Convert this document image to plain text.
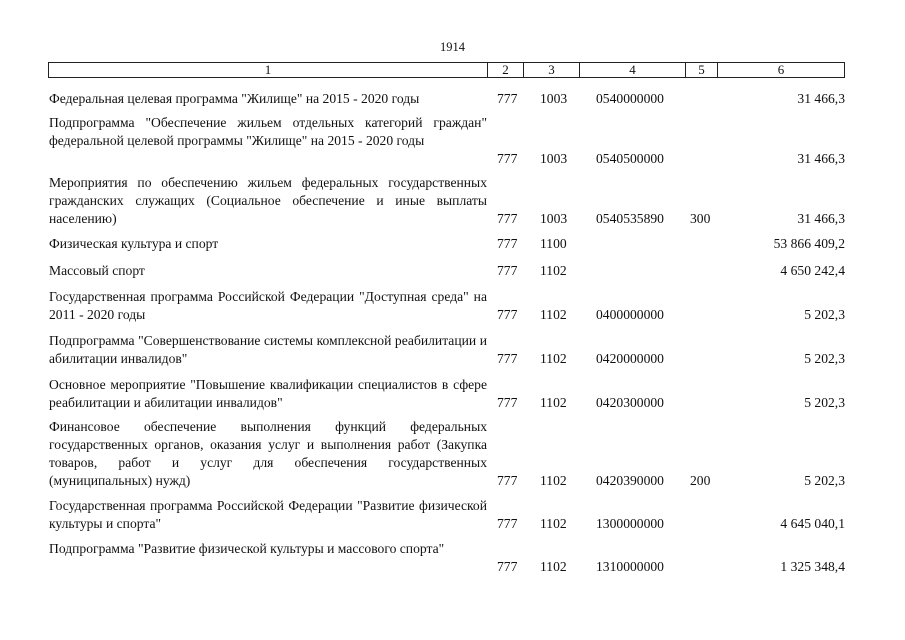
1914
1	2	3	4	5	6
Федеральная целевая программа "Жилище" на 2015 - 2020 годы	777 1003 0540000000	31 466,3
Подпрограмма "Обеспечение жильем отдельных категорий граждан" федеральной целевой программы "Жилище" на 2015 - 2020 годы
777 1003 0540500000	31 466,3
Мероприятия по обеспечению жильем федеральных государственных гражданских служащих (Социальное обеспечение и иные выплаты населению)	777 1003 0540535890 300	31 466,3
Физическая культура и спорт	777 1100	53 866 409,2
Массовый спорт	777 1102	4 650 242,4
Государственная программа Российской Федерации "Доступная среда" на 2011 - 2020 годы	777 1102 0400000000	5 202,3
Подпрограмма "Совершенствование системы комплексной реабилитации и абилитации инвалидов"	777 1102 0420000000	5 202,3
Основное мероприятие "Повышение квалификации специалистов в сфере реабилитации и абилитации инвалидов"	777 1102 0420300000	5 202,3
Финансовое обеспечение выполнения функций федеральных государственных органов, оказания услуг и выполнения работ (Закупка товаров, работ и услуг для обеспечения государственных (муниципальных) нужд)	777 1102 0420390000 200	5 202,3
Государственная программа Российской Федерации "Развитие физической культуры и спорта"	777 1102 1300000000	4 645 040,1
Подпрограмма "Развитие физической культуры и массового спорта"
777 1102 1310000000	1 325 348,4
